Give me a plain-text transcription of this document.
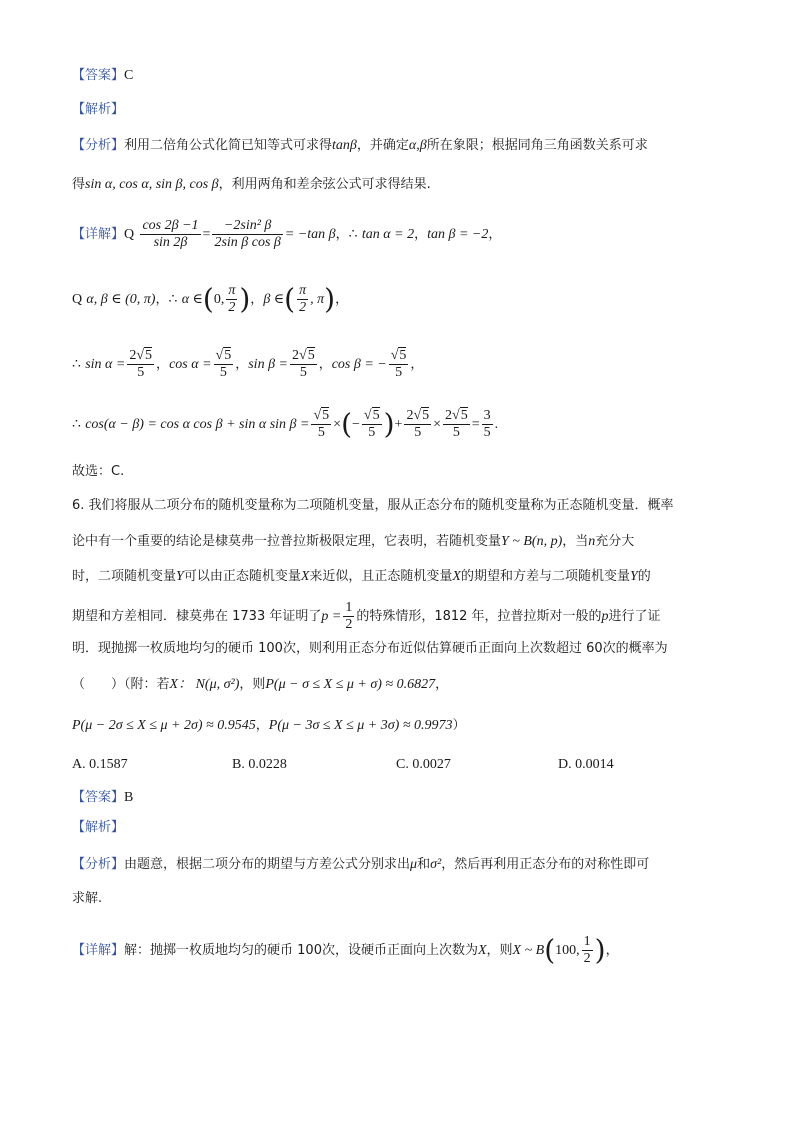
【答案】C
【解析】
【分析】利用二倍角公式化简已知等式可求得tanβ，并确定α,β所在象限；根据同角三角函数关系可求
得sin α, cos α, sin β, cos β，利用两角和差余弦公式可求得结果.
【详解】Q $\frac{\cos 2\beta -1}{\sin 2\beta} = \frac{\text{−2sin² β}}{\text{2sin β cos β}} = -\tan$ β，∴ tan α = 2，tan β = −2，
Q α, β ∈ (0, π)，∴ α ∈(0, $\frac{\pi}{2}$ )，β ∈( $\frac{\pi}{2}$ , π)，
∴ $\sin \alpha = \frac{2√5}{5}$ ，$\cos \alpha = \frac{√5}{5}$ ，$\sin \beta = \frac{2√5}{5}$ ，cos β = − $\frac{√5}{5}$ ，
∴ cos(α − β) = cos α cos β + sin α $\sin \beta = \frac{√5}{5}$ ×(− $\frac{√5}{5}$ )+ $\frac{2√5}{5} \times \frac{2√5}{5} = \frac{3}{5}$ .
故选：C.
6. 我们将服从二项分布的随机变量称为二项随机变量，服从正态分布的随机变量称为正态随机变量．概率
论中有一个重要的结论是棣莫弗一拉普拉斯极限定理，它表明，若随机变量Y ~ B(n, p)，当n充分大
时，二项随机变量Y可以由正态随机变量X来近似，且正态随机变量X的期望和方差与二项随机变量Y的
期望和方差相同．棣莫弗在 1733 年证明了$p = \frac{1}{2}$ 的特殊情形，1812 年，拉普拉斯对一般的p进行了证
明．现抛掷一枚质地均匀的硬币 100次，则利用正态分布近似估算硬币正面向上次数超过 60次的概率为
（　　）（附：若X： N(μ, σ²)，则P(μ − σ ≤ X ≤ μ + σ) ≈ 0.6827，
P(μ − 2σ ≤ X ≤ μ + 2σ) ≈ 0.9545，P(μ − 3σ ≤ X ≤ μ + 3σ) ≈ 0.9973）
A. 0.1587	B. 0.0228	C. 0.0027	D. 0.0014
【答案】B
【解析】
【分析】由题意，根据二项分布的期望与方差公式分别求出μ和σ²，然后再利用正态分布的对称性即可
求解.
【详解】解：抛掷一枚质地均匀的硬币 100次，设硬币正面向上次数为X，则X ~ B(100, $\frac{1}{2}$ )，
